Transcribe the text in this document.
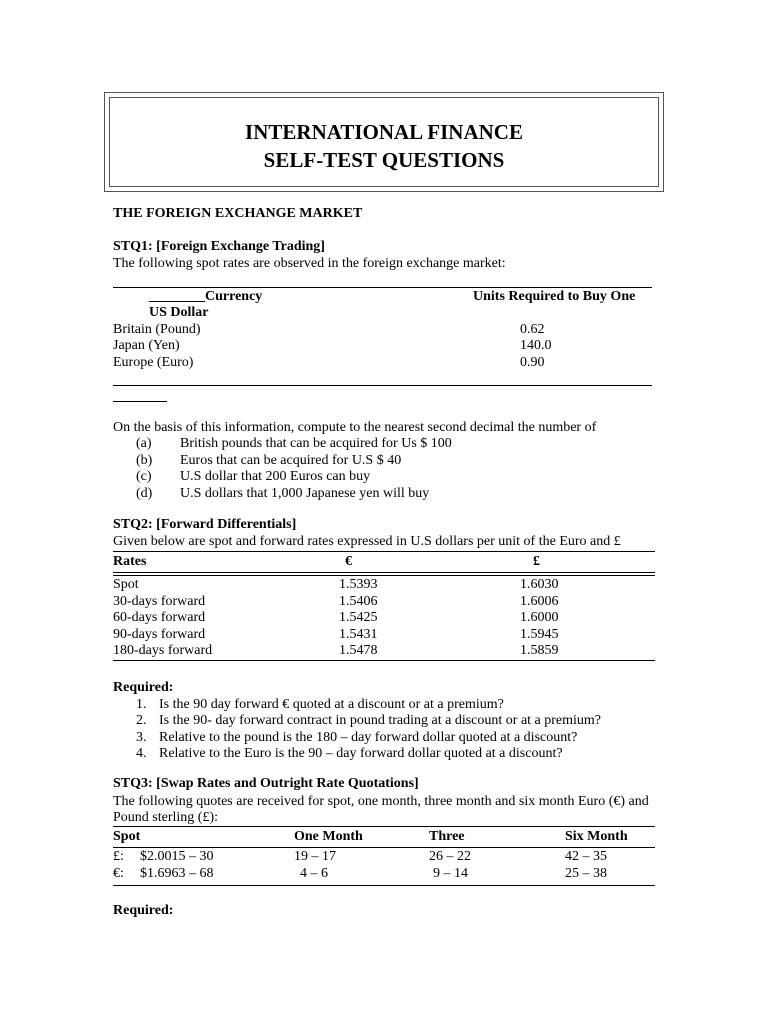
INTERNATIONAL FINANCE
SELF-TEST QUESTIONS
THE FOREIGN EXCHANGE MARKET
STQ1: [Foreign Exchange Trading]
The following spot rates are observed in the foreign exchange market:
________Currency	Units Required to Buy One
US Dollar
Britain (Pound)	0.62
Japan (Yen)	140.0
Europe (Euro)	0.90
On the basis of this information, compute to the nearest second decimal the number of
(a) British pounds that can be acquired for Us $ 100
(b) Euros that can be acquired for U.S $ 40
(c) U.S dollar that 200 Euros can buy
(d) U.S dollars that 1,000 Japanese yen will buy
STQ2: [Forward Differentials]
Given below are spot and forward rates expressed in U.S dollars per unit of the Euro and £
Rates	€	£
Spot	1.5393	1.6030
30-days forward	1.5406	1.6006
60-days forward	1.5425	1.6000
90-days forward	1.5431	1.5945
180-days forward	1.5478	1.5859
Required:
1. Is the 90 day forward € quoted at a discount or at a premium?
2. Is the 90- day forward contract in pound trading at a discount or at a premium?
3. Relative to the pound is the 180 – day forward dollar quoted at a discount?
4. Relative to the Euro is the 90 – day forward dollar quoted at a discount?
STQ3: [Swap Rates and Outright Rate Quotations]
The following quotes are received for spot, one month, three month and six month Euro (€) and
Pound sterling (£):
Spot	One Month	Three	Six Month
£: $2.0015 – 30	19 – 17	26 – 22	42 – 35
€: $1.6963 – 68	4 – 6	9 – 14	25 – 38
Required:
